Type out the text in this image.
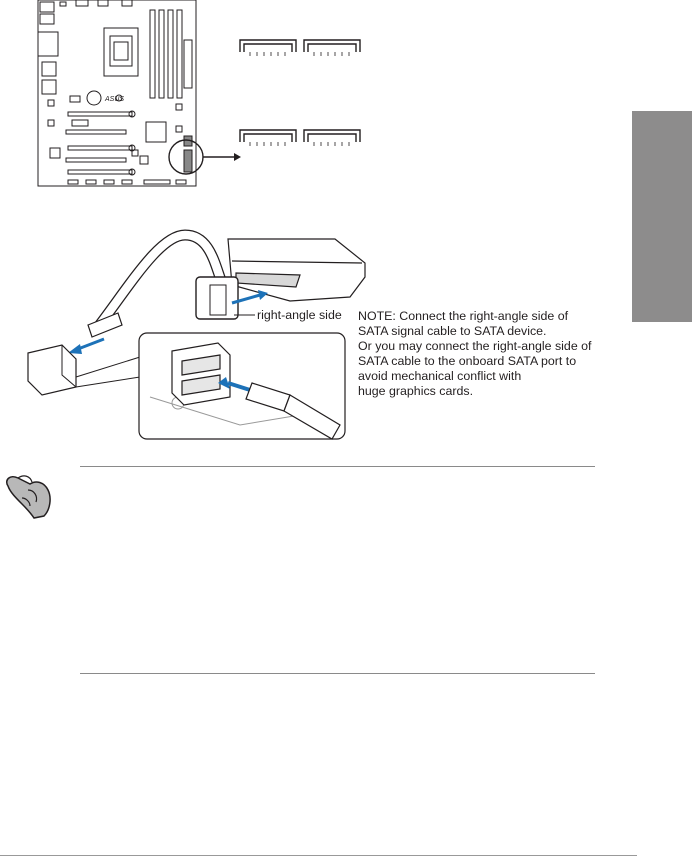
ASUS
right-angle side NOTE: Connect the right-angle side of
SATA signal cable to SATA device.
Or you may connect the right-angle side of
SATA cable to the onboard SATA port to
avoid mechanical conflict with
huge graphics cards.
